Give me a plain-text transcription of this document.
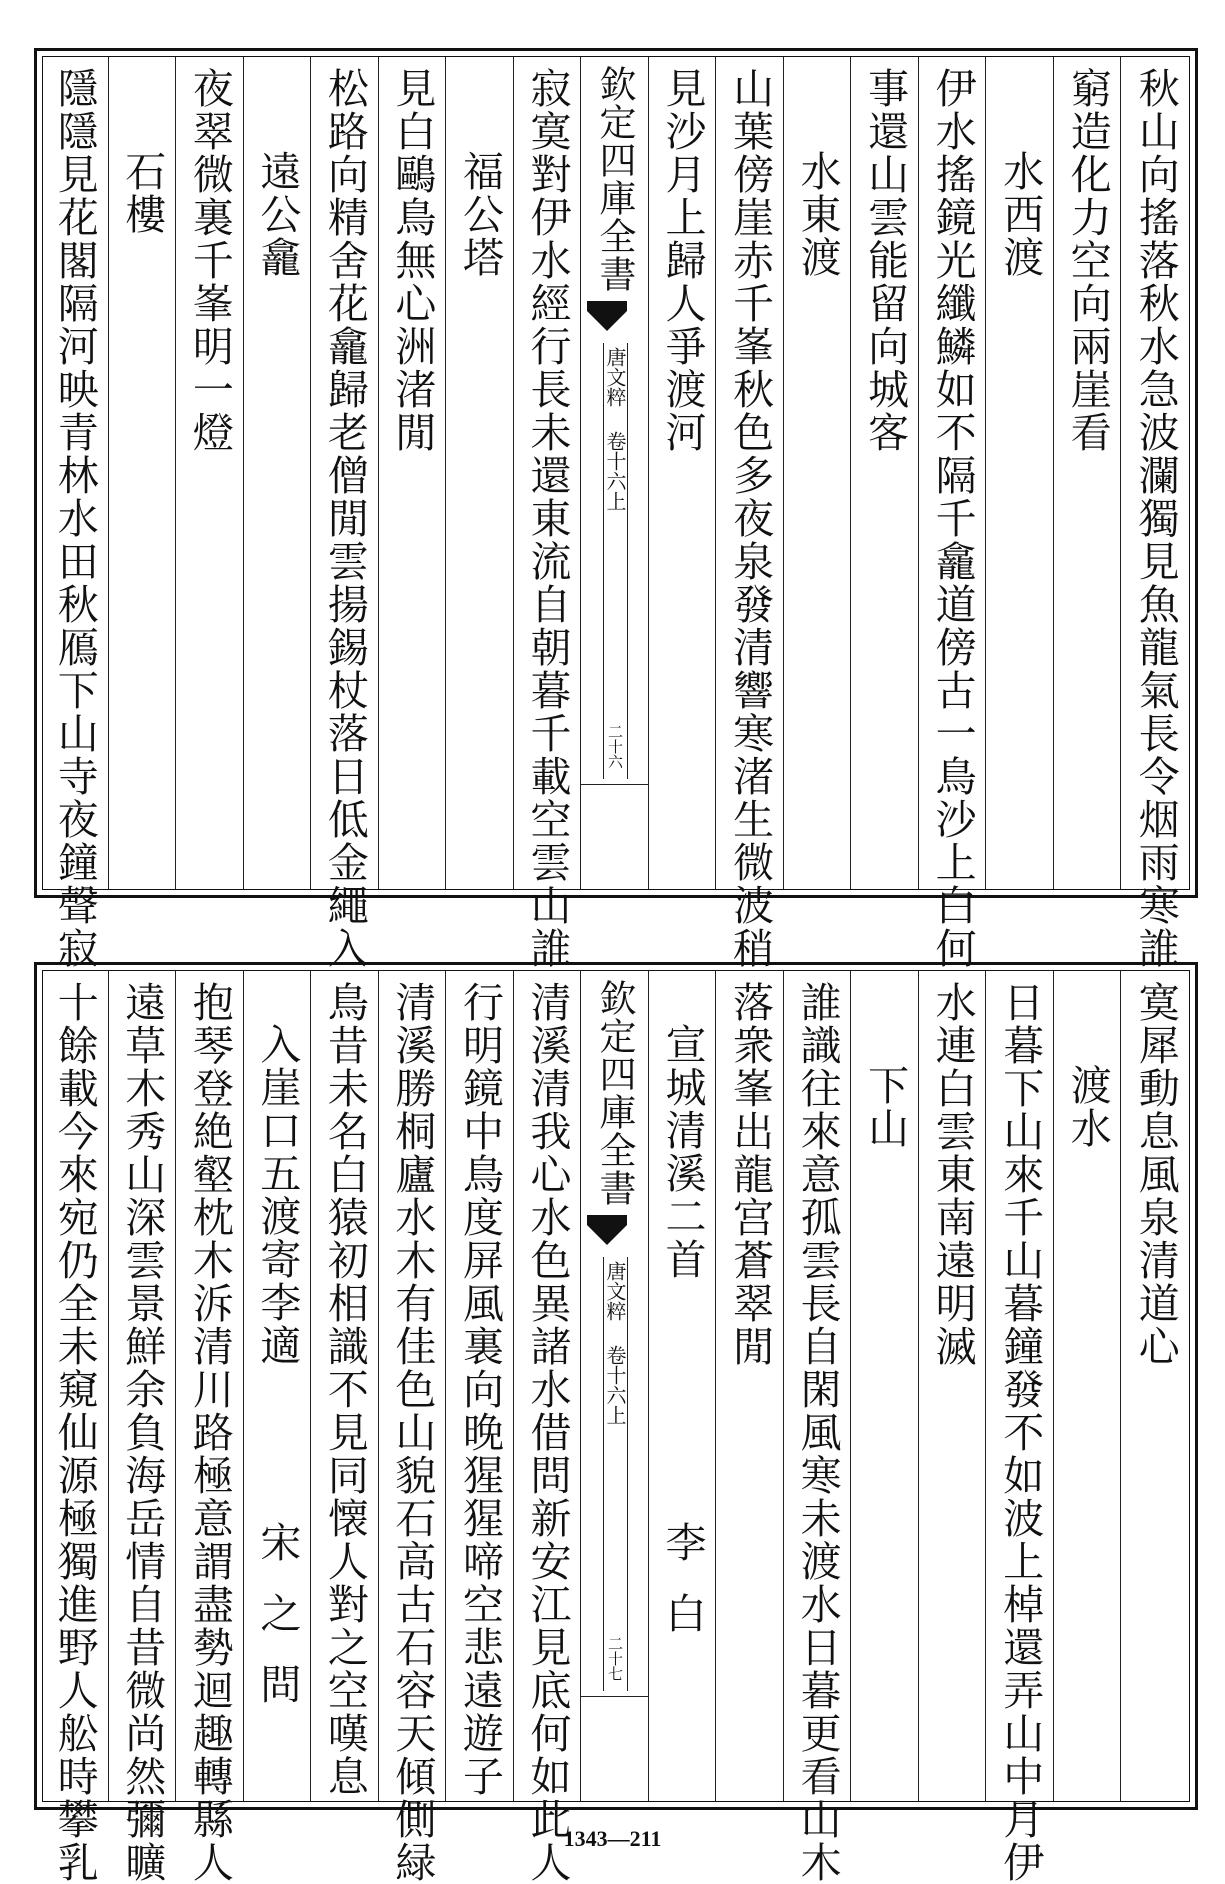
秋山向搖落秋水急波瀾獨見魚龍氣長令烟雨寒誰
窮造化力空向兩崖看
水西渡
伊水搖鏡光纖鱗如不隔千龕道傍古一鳥沙上白何
事還山雲能留向城客
水東渡
山葉傍崖赤千峯秋色多夜泉發清響寒渚生微波稍
見沙月上歸人爭渡河
欽定四庫全書
唐文粹 卷十六上
二十六
寂寞對伊水經行長未還東流自朝暮千載空雲山誰
福公塔
見白鷗鳥無心洲渚閒
松路向精舍花龕歸老僧閒雲揚錫杖落日低金繩入
遠公龕
夜翠微裏千峯明一燈
石樓
隱隱見花閣隔河映青林水田秋鴈下山寺夜鐘聲寂
寞犀動息風泉清道心
渡水
日暮下山來千山暮鐘發不如波上棹還弄山中月伊
水連白雲東南遠明滅
下山
誰識往來意孤雲長自閑風寒未渡水日暮更看山木
落衆峯出龍宫蒼翠閒
宣城清溪二首
李白
欽定四庫全書
唐文粹 卷十六上
二十七
清溪清我心水色異諸水借問新安江見底何如此人
行明鏡中鳥度屏風裏向晚猩猩啼空悲遠遊子
清溪勝桐廬水木有佳色山貌石高古石容天傾側緑
鳥昔未名白猿初相識不見同懐人對之空嘆息
入崖口五渡寄李適
宋之問
抱琴登絶壑枕木泝清川路極意謂盡勢迴趣轉縣人
遠草木秀山深雲景鮮余負海岳情自昔微尚然彌曠
十餘載今來宛仍全未窺仙源極獨進野人舩時攀乳	1343—211
